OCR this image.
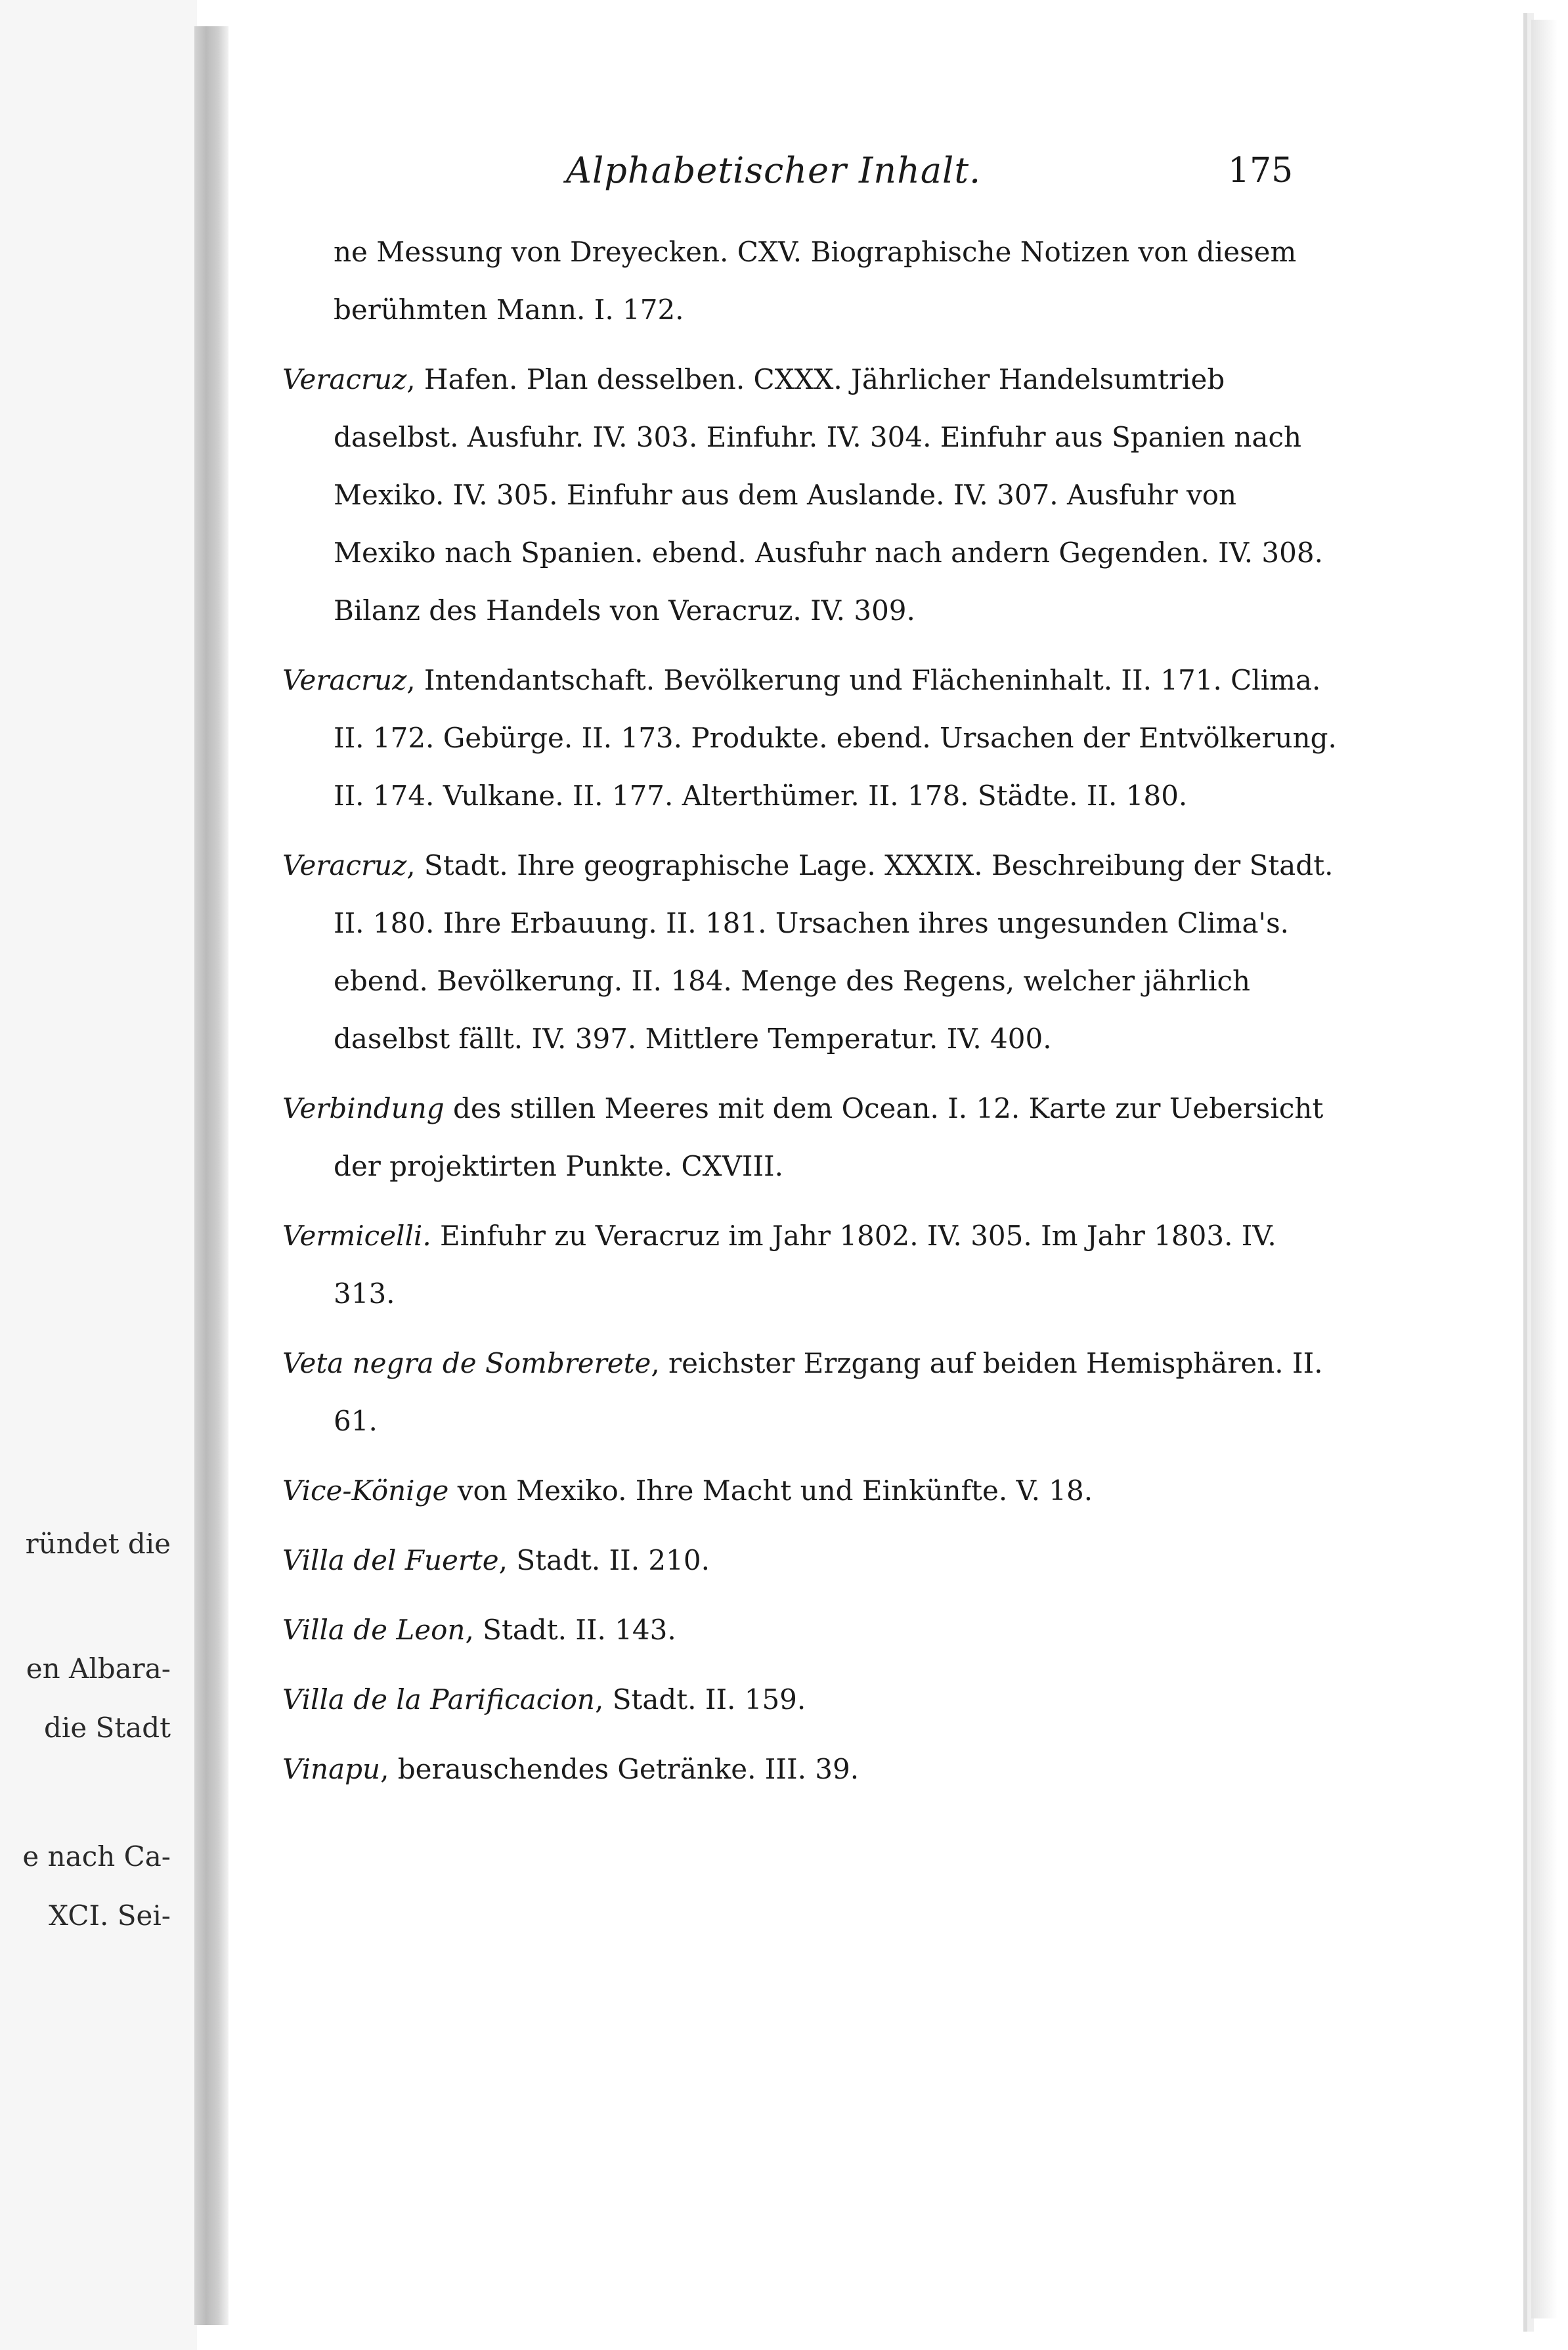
ründet die
en Albara-
die Stadt
e nach Ca-
XCI. Sei-
Alphabetischer Inhalt.	175
ne Messung von Dreyecken. CXV. Biographische Notizen von diesem berühmten Mann. I. 172.
Veracruz, Hafen. Plan desselben. CXXX. Jährlicher Handelsumtrieb daselbst. Ausfuhr. IV. 303. Einfuhr. IV. 304. Einfuhr aus Spanien nach Mexiko. IV. 305. Einfuhr aus dem Auslande. IV. 307. Ausfuhr von Mexiko nach Spanien. ebend. Ausfuhr nach andern Gegenden. IV. 308. Bilanz des Handels von Veracruz. IV. 309.
Veracruz, Intendantschaft. Bevölkerung und Flächeninhalt. II. 171. Clima. II. 172. Gebürge. II. 173. Produkte. ebend. Ursachen der Entvölkerung. II. 174. Vulkane. II. 177. Alterthümer. II. 178. Städte. II. 180.
Veracruz, Stadt. Ihre geographische Lage. XXXIX. Beschreibung der Stadt. II. 180. Ihre Erbauung. II. 181. Ursachen ihres ungesunden Clima's. ebend. Bevölkerung. II. 184. Menge des Regens, welcher jährlich daselbst fällt. IV. 397. Mittlere Temperatur. IV. 400.
Verbindung des stillen Meeres mit dem Ocean. I. 12. Karte zur Uebersicht der projektirten Punkte. CXVIII.
Vermicelli. Einfuhr zu Veracruz im Jahr 1802. IV. 305. Im Jahr 1803. IV. 313.
Veta negra de Sombrerete, reichster Erzgang auf beiden Hemisphären. II. 61.
Vice-Könige von Mexiko. Ihre Macht und Einkünfte. V. 18.
Villa del Fuerte, Stadt. II. 210.
Villa de Leon, Stadt. II. 143.
Villa de la Parificacion, Stadt. II. 159.
Vinapu, berauschendes Getränke. III. 39.
